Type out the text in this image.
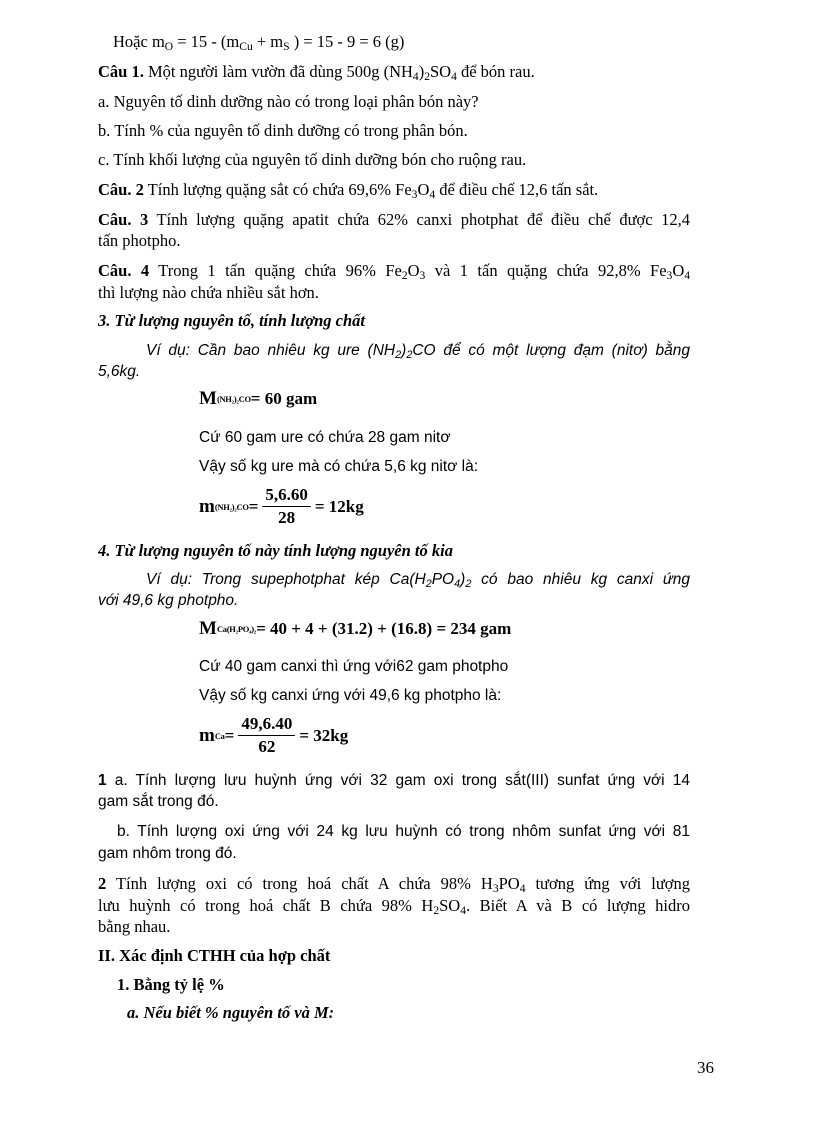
Hoặc $m_O = 15 - (m_{Cu} + m_S$ ) = 15 - 9 = 6 (g)
Câu 1. Một người làm vườn đã dùng 500g $(NH_4)_2SO_4$ để bón rau.
a. Nguyên tố dinh dưỡng nào có trong loại phân bón này?
b. Tính % của nguyên tố dinh dưỡng có trong phân bón.
c. Tính khối lượng của nguyên tố dinh dưỡng bón cho ruộng rau.
Câu. 2 Tính lượng quặng sắt có chứa 69,6% $Fe_3O_4$ để điều chế 12,6 tấn sắt.
Câu. 3 Tính lượng quặng apatit chứa 62% canxi photphat để điều chế được 12,4
tấn photpho.
Câu. 4 Trong 1 tấn quặng chứa 96% $Fe_2O_3$ và 1 tấn quặng chứa 92,8% $Fe_3O_4$
thì lượng nào chứa nhiều sắt hơn.
3. Từ lượng nguyên tố, tính lượng chất
Ví dụ: Cần bao nhiêu kg ure $(NH_2)_2CO$ để có một lượng đạm (nitơ) bằng
5,6kg.
M (NH₂)₂CO = 60 gam
Cứ 60 gam ure có chứa 28 gam nitơ
Vậy số kg ure mà có chứa 5,6 kg nitơ là:
m $(NH_2)_2CO = \frac{5,6.60}{28} = 12kg$
4. Từ lượng nguyên tố này tính lượng nguyên tố kia
Ví dụ: Trong supephotphat kép $Ca(H_2PO_4)_2$ có bao nhiêu kg canxi ứng
với 49,6 kg photpho.
M Ca(H₂PO₄)₂ = 40 + 4 + (31.2) + (16.8) = 234 gam
Cứ 40 gam canxi thì ứng với62 gam photpho
Vậy số kg canxi ứng với 49,6 kg photpho là:
m $Ca = \frac{49,6.40}{62} = 32kg$
1 a. Tính lượng lưu huỳnh ứng với 32 gam oxi trong sắt(III) sunfat ứng với 14
gam sắt trong đó.
b. Tính lượng oxi ứng với 24 kg lưu huỳnh có trong nhôm sunfat ứng với 81
gam nhôm trong đó.
2 Tính lượng oxi có trong hoá chất A chứa 98% $H_3PO_4$ tương ứng với lượng
lưu huỳnh có trong hoá chất B chứa 98% $H_2SO_4$. Biết A và B có lượng hidro
bằng nhau.
II. Xác định CTHH của hợp chất
1. Bằng tỷ lệ %
a. Nếu biết % nguyên tố và M:
36
